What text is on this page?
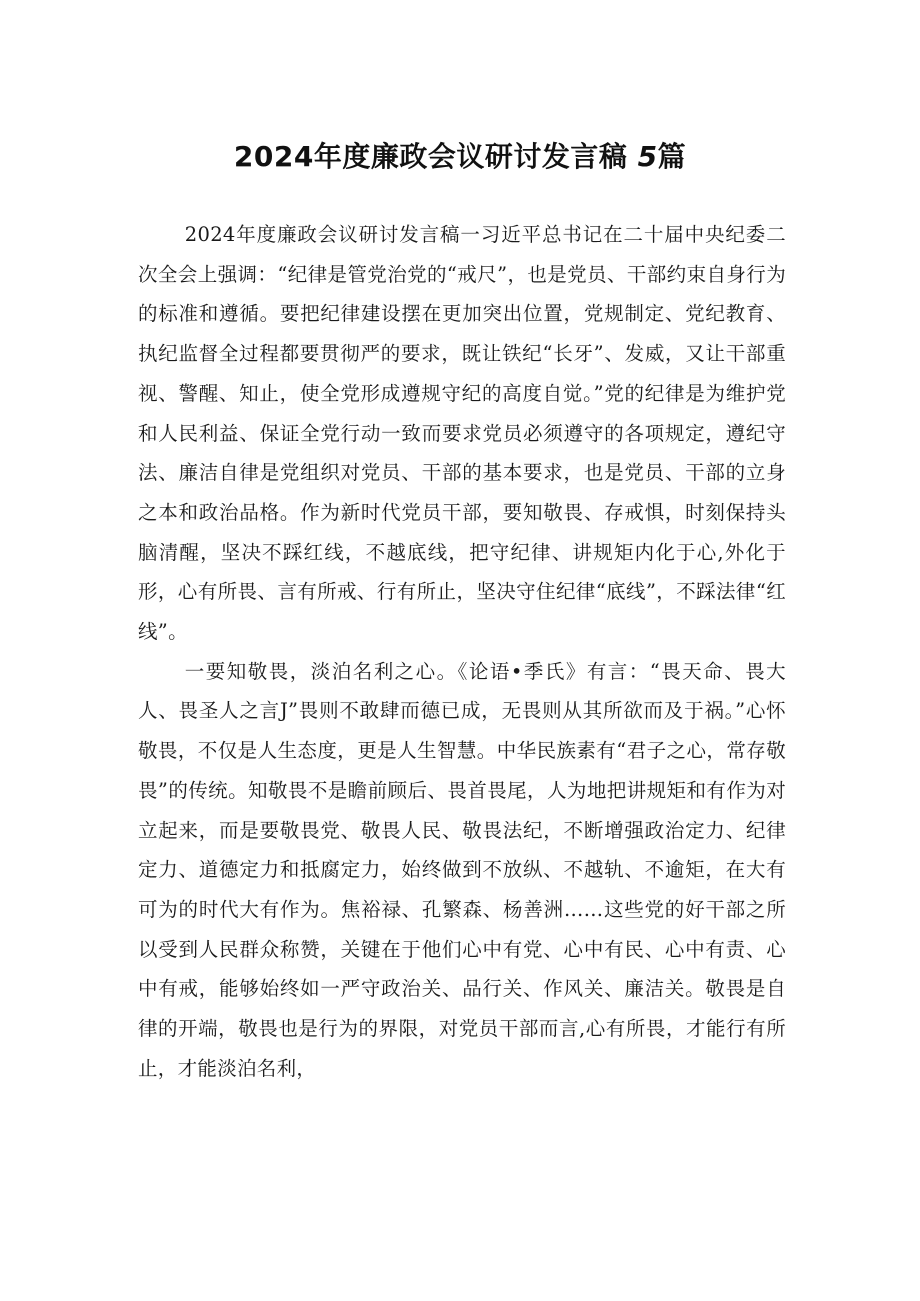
2024年度廉政会议研讨发言稿 5篇

2024年度廉政会议研讨发言稿一习近平总书记在二十届中央纪委二次全会上强调：“纪律是管党治党的“戒尺”，也是党员、干部约束自身行为的标准和遵循。要把纪律建设摆在更加突出位置，党规制定、党纪教育、执纪监督全过程都要贯彻严的要求，既让铁纪“长牙”、发威，又让干部重视、警醒、知止，使全党形成遵规守纪的高度自觉。”党的纪律是为维护党和人民利益、保证全党行动一致而要求党员必须遵守的各项规定，遵纪守法、廉洁自律是党组织对党员、干部的基本要求，也是党员、干部的立身之本和政治品格。作为新时代党员干部，要知敬畏、存戒惧，时刻保持头脑清醒，坚决不踩红线，不越底线，把守纪律、讲规矩内化于心,外化于形，心有所畏、言有所戒、行有所止，坚决守住纪律“底线”，不踩法律“红线”。

一要知敬畏，淡泊名利之心。《论语•季氏》有言：“畏天命、畏大人、畏圣人之言J”畏则不敢肆而德已成，无畏则从其所欲而及于祸。”心怀敬畏，不仅是人生态度，更是人生智慧。中华民族素有“君子之心，常存敬畏”的传统。知敬畏不是瞻前顾后、畏首畏尾，人为地把讲规矩和有作为对立起来，而是要敬畏党、敬畏人民、敬畏法纪，不断增强政治定力、纪律定力、道德定力和抵腐定力，始终做到不放纵、不越轨、不逾矩，在大有可为的时代大有作为。焦裕禄、孔繁森、杨善洲……这些党的好干部之所以受到人民群众称赞，关键在于他们心中有党、心中有民、心中有责、心中有戒，能够始终如一严守政治关、品行关、作风关、廉洁关。敬畏是自律的开端，敬畏也是行为的界限，对党员干部而言,心有所畏，才能行有所止，才能淡泊名利，
